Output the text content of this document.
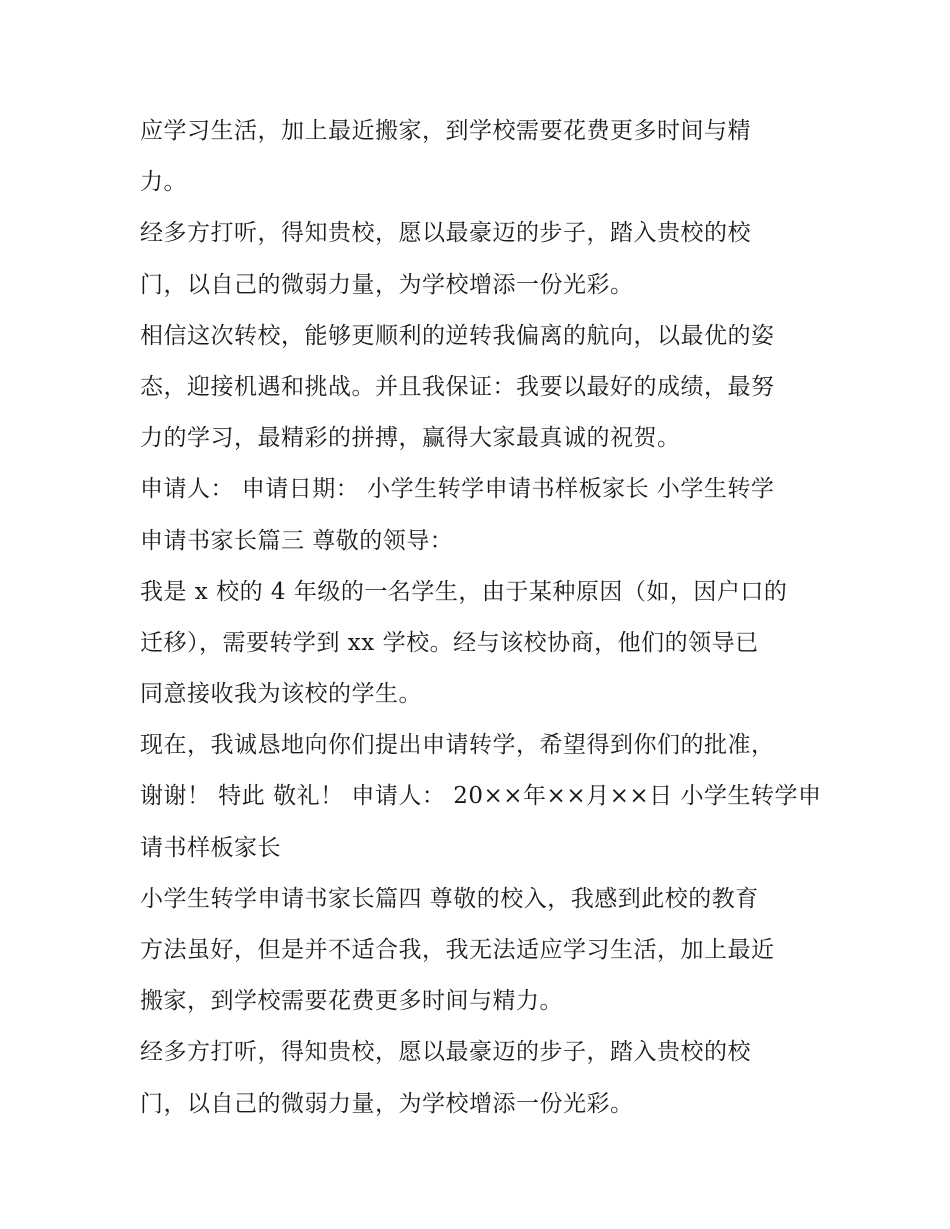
应学习生活，加上最近搬家，到学校需要花费更多时间与精
力。
经多方打听，得知贵校，愿以最豪迈的步子，踏入贵校的校
门，以自己的微弱力量，为学校增添一份光彩。
相信这次转校，能够更顺利的逆转我偏离的航向，以最优的姿
态，迎接机遇和挑战。并且我保证：我要以最好的成绩，最努
力的学习，最精彩的拼搏，赢得大家最真诚的祝贺。
申请人： 申请日期： 小学生转学申请书样板家长 小学生转学
申请书家长篇三 尊敬的领导：
我是 x 校的 4 年级的一名学生，由于某种原因（如，因户口的
迁移），需要转学到 xx 学校。经与该校协商，他们的领导已
同意接收我为该校的学生。
现在，我诚恳地向你们提出申请转学，希望得到你们的批准，
谢谢！ 特此 敬礼！ 申请人： 20××年××月××日 小学生转学申
请书样板家长
小学生转学申请书家长篇四 尊敬的校入，我感到此校的教育
方法虽好，但是并不适合我，我无法适应学习生活，加上最近
搬家，到学校需要花费更多时间与精力。
经多方打听，得知贵校，愿以最豪迈的步子，踏入贵校的校
门，以自己的微弱力量，为学校增添一份光彩。
